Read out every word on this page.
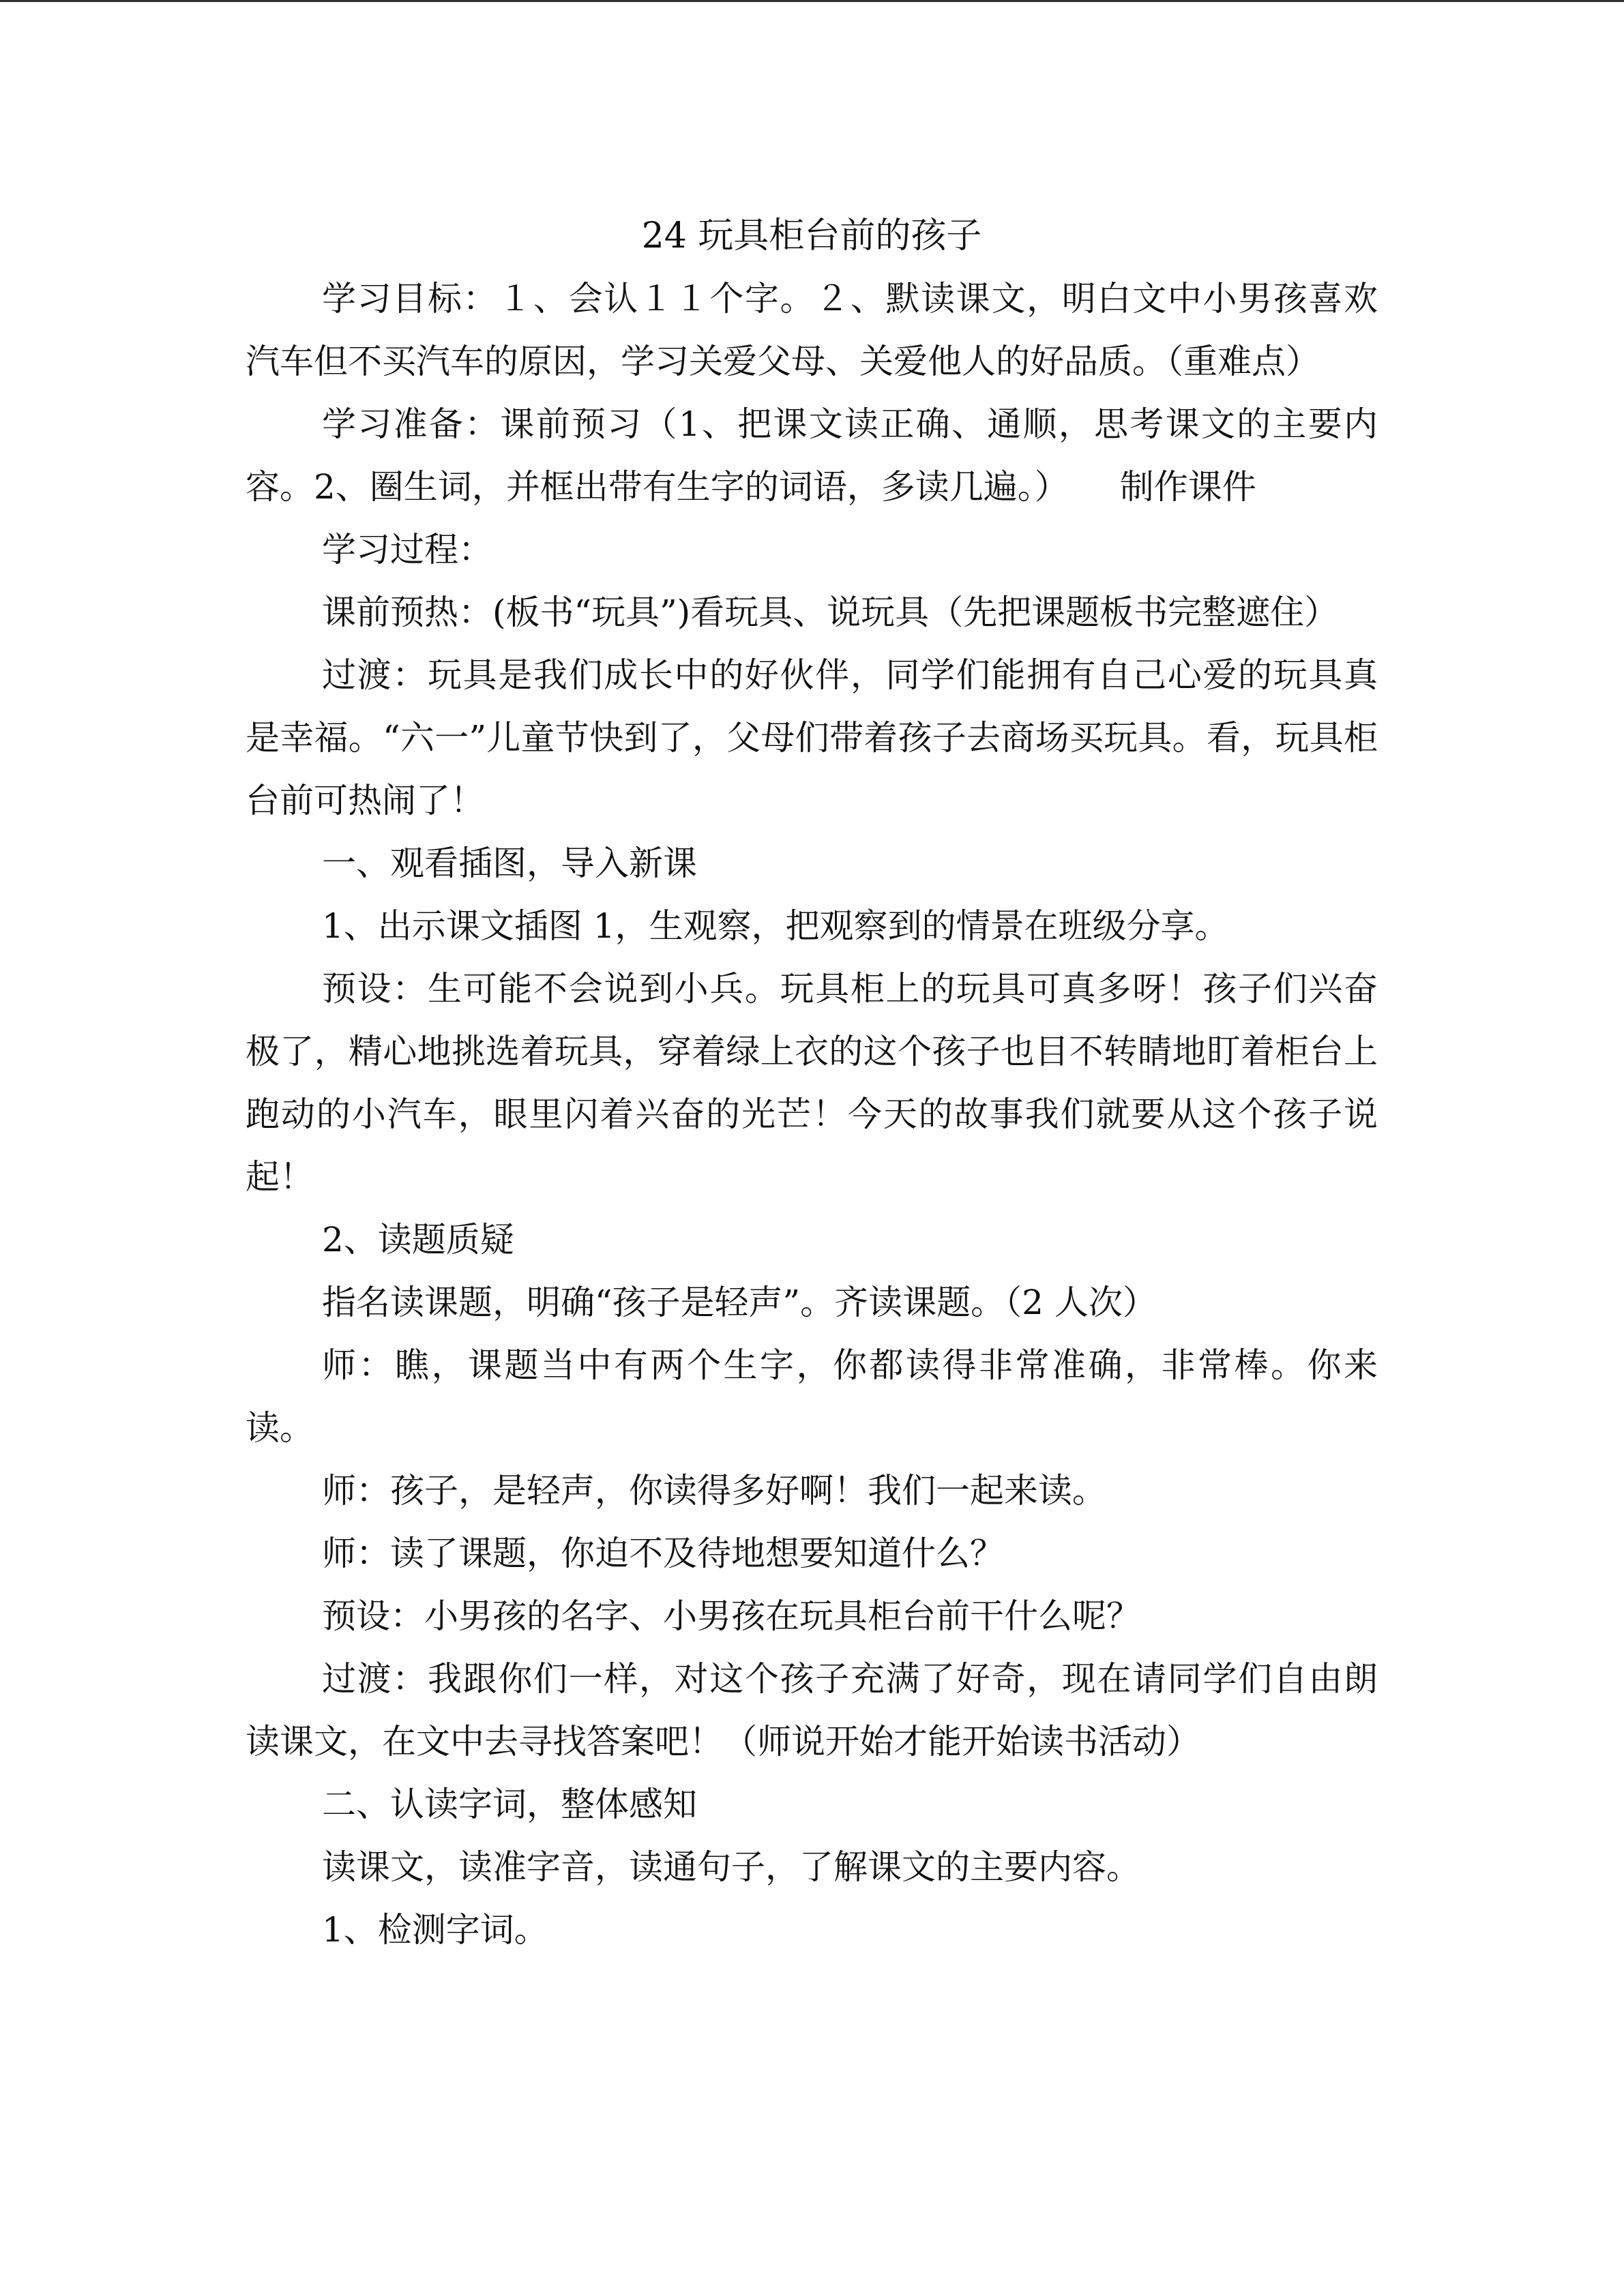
24 玩具柜台前的孩子

学习目标：１、会认１１个字。２、默读课文，明白文中小男孩喜欢汽车但不买汽车的原因，学习关爱父母、关爱他人的好品质。（重难点）

学习准备：课前预习（1、把课文读正确、通顺，思考课文的主要内容。2、圈生词，并框出带有生字的词语，多读几遍。）　　制作课件

学习过程：

课前预热：(板书“玩具”)看玩具、说玩具（先把课题板书完整遮住）

过渡：玩具是我们成长中的好伙伴，同学们能拥有自己心爱的玩具真是幸福。“六一”儿童节快到了，父母们带着孩子去商场买玩具。看，玩具柜台前可热闹了！

一、观看插图，导入新课

1、出示课文插图 1，生观察，把观察到的情景在班级分享。

预设：生可能不会说到小兵。玩具柜上的玩具可真多呀！孩子们兴奋极了，精心地挑选着玩具，穿着绿上衣的这个孩子也目不转睛地盯着柜台上跑动的小汽车，眼里闪着兴奋的光芒！今天的故事我们就要从这个孩子说起！

2、读题质疑

指名读课题，明确“孩子是轻声”。齐读课题。（2 人次）

师：瞧，课题当中有两个生字，你都读得非常准确，非常棒。你来读。

师：孩子，是轻声，你读得多好啊！我们一起来读。

师：读了课题，你迫不及待地想要知道什么？

预设：小男孩的名字、小男孩在玩具柜台前干什么呢？

过渡：我跟你们一样，对这个孩子充满了好奇，现在请同学们自由朗读课文，在文中去寻找答案吧！（师说开始才能开始读书活动）

二、认读字词，整体感知

读课文，读准字音，读通句子，了解课文的主要内容。

1、检测字词。
